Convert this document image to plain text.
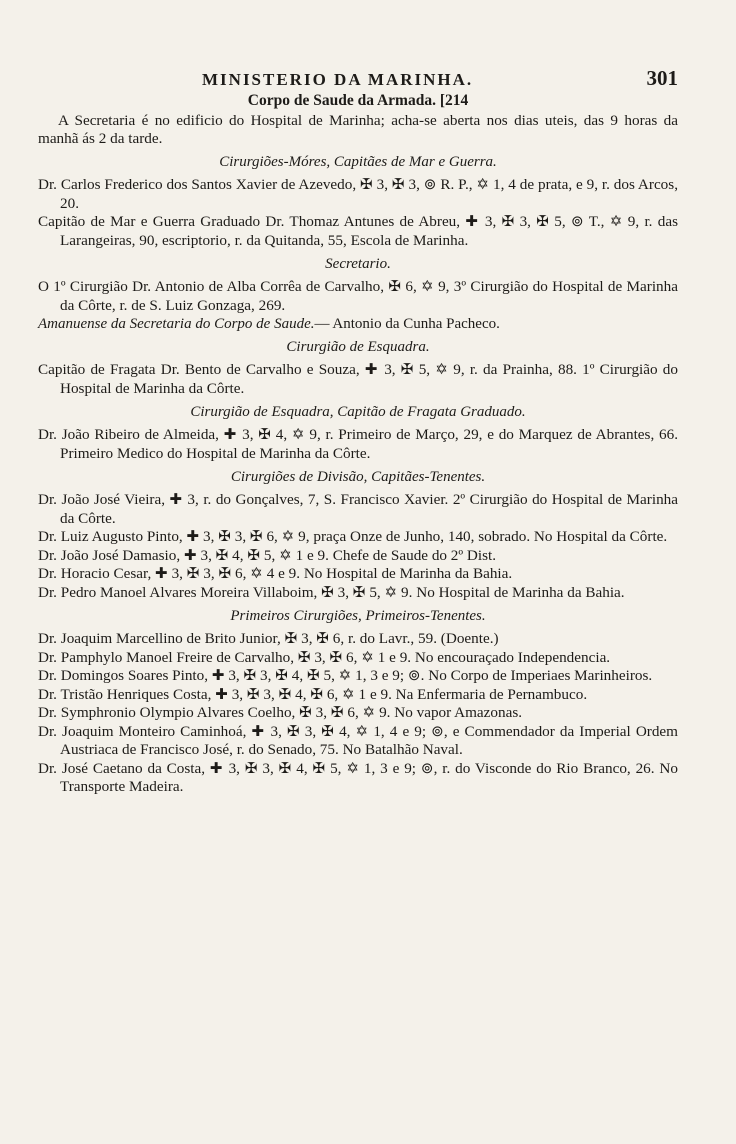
MINISTERIO DA MARINHA.	301
Corpo de Saude da Armada. [214

A Secretaria é no edificio do Hospital de Marinha; acha-se aberta nos dias uteis, das 9 horas da manhã ás 2 da tarde.

Cirurgiões-Móres, Capitães de Mar e Guerra.

Dr. Carlos Frederico dos Santos Xavier de Azevedo, ✠ 3, ✠ 3, ⊚ R. P., ✡ 1, 4 de prata, e 9, r. dos Arcos, 20.

Capitão de Mar e Guerra Graduado Dr. Thomaz Antunes de Abreu, ✚ 3, ✠ 3, ✠ 5, ⊚ T., ✡ 9, r. das Larangeiras, 90, escriptorio, r. da Quitanda, 55, Escola de Marinha.

Secretario.

O 1º Cirurgião Dr. Antonio de Alba Corrêa de Carvalho, ✠ 6, ✡ 9, 3º Cirurgião do Hospital de Marinha da Côrte, r. de S. Luiz Gonzaga, 269.

Amanuense da Secretaria do Corpo de Saude.— Antonio da Cunha Pacheco.

Cirurgião de Esquadra.

Capitão de Fragata Dr. Bento de Carvalho e Souza, ✚ 3, ✠ 5, ✡ 9, r. da Prainha, 88. 1º Cirurgião do Hospital de Marinha da Côrte.

Cirurgião de Esquadra, Capitão de Fragata Graduado.

Dr. João Ribeiro de Almeida, ✚ 3, ✠ 4, ✡ 9, r. Primeiro de Março, 29, e do Marquez de Abrantes, 66. Primeiro Medico do Hospital de Marinha da Côrte.

Cirurgiões de Divisão, Capitães-Tenentes.

Dr. João José Vieira, ✚ 3, r. do Gonçalves, 7, S. Francisco Xavier. 2º Cirurgião do Hospital de Marinha da Côrte.

Dr. Luiz Augusto Pinto, ✚ 3, ✠ 3, ✠ 6, ✡ 9, praça Onze de Junho, 140, sobrado. No Hospital da Côrte.

Dr. João José Damasio, ✚ 3, ✠ 4, ✠ 5, ✡ 1 e 9. Chefe de Saude do 2º Dist.

Dr. Horacio Cesar, ✚ 3, ✠ 3, ✠ 6, ✡ 4 e 9. No Hospital de Marinha da Bahia.

Dr. Pedro Manoel Alvares Moreira Villaboim, ✠ 3, ✠ 5, ✡ 9. No Hospital de Marinha da Bahia.

Primeiros Cirurgiões, Primeiros-Tenentes.

Dr. Joaquim Marcellino de Brito Junior, ✠ 3, ✠ 6, r. do Lavr., 59. (Doente.)

Dr. Pamphylo Manoel Freire de Carvalho, ✠ 3, ✠ 6, ✡ 1 e 9. No encouraçado Independencia.

Dr. Domingos Soares Pinto, ✚ 3, ✠ 3, ✠ 4, ✠ 5, ✡ 1, 3 e 9; ⊚. No Corpo de Imperiaes Marinheiros.

Dr. Tristão Henriques Costa, ✚ 3, ✠ 3, ✠ 4, ✠ 6, ✡ 1 e 9. Na Enfermaria de Pernambuco.

Dr. Symphronio Olympio Alvares Coelho, ✠ 3, ✠ 6, ✡ 9. No vapor Amazonas.

Dr. Joaquim Monteiro Caminhoá, ✚ 3, ✠ 3, ✠ 4, ✡ 1, 4 e 9; ⊚, e Commendador da Imperial Ordem Austriaca de Francisco José, r. do Senado, 75. No Batalhão Naval.

Dr. José Caetano da Costa, ✚ 3, ✠ 3, ✠ 4, ✠ 5, ✡ 1, 3 e 9; ⊚, r. do Visconde do Rio Branco, 26. No Transporte Madeira.
